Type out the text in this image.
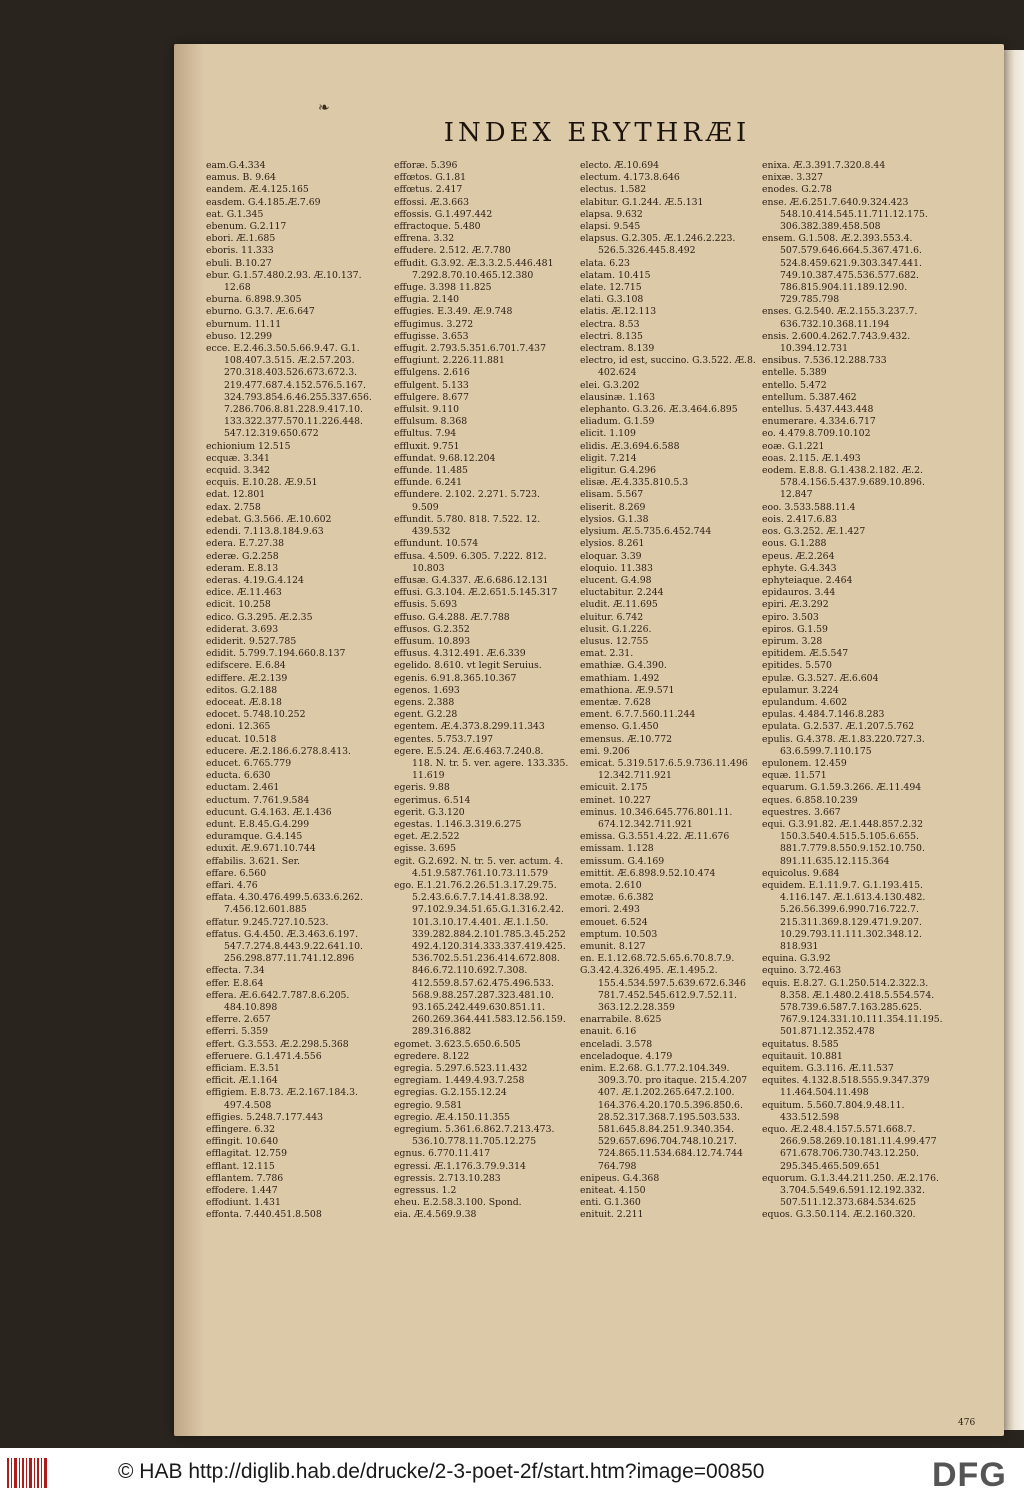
❧
INDEX ERYTHRÆI
eam.G.4.334
eamus. B. 9.64
eandem. Æ.4.125.165
easdem. G.4.185.Æ.7.69
eat. G.1.345
ebenum. G.2.117
ebori. Æ.1.685
eboris. 11.333
ebuli. B.10.27
ebur. G.1.57.480.2.93. Æ.10.137.
12.68
eburna. 6.898.9.305
eburno. G.3.7. Æ.6.647
eburnum. 11.11
ebuso. 12.299
ecce. E.2.46.3.50.5.66.9.47. G.1.
108.407.3.515. Æ.2.57.203.
270.318.403.526.673.672.3.
219.477.687.4.152.576.5.167.
324.793.854.6.46.255.337.656.
7.286.706.8.81.228.9.417.10.
133.322.377.570.11.226.448.
547.12.319.650.672
echionium 12.515
ecquæ. 3.341
ecquid. 3.342
ecquis. E.10.28. Æ.9.51
edat. 12.801
edax. 2.758
edebat. G.3.566. Æ.10.602
edendi. 7.113.8.184.9.63
edera. E.7.27.38
ederæ. G.2.258
ederam. E.8.13
ederas. 4.19.G.4.124
edice. Æ.11.463
edicit. 10.258
edico. G.3.295. Æ.2.35
ediderat. 3.693
ediderit. 9.527.785
edidit. 5.799.7.194.660.8.137
edifscere. E.6.84
ediffere. Æ.2.139
editos. G.2.188
edoceat. Æ.8.18
edocet. 5.748.10.252
edoni. 12.365
educat. 10.518
educere. Æ.2.186.6.278.8.413.
educet. 6.765.779
educta. 6.630
eductam. 2.461
eductum. 7.761.9.584
educunt. G.4.163. Æ.1.436
edunt. E.8.45.G.4.299
eduramque. G.4.145
eduxit. Æ.9.671.10.744
effabilis. 3.621. Ser.
effare. 6.560
effari. 4.76
effata. 4.30.476.499.5.633.6.262.
7.456.12.601.885
effatur. 9.245.727.10.523.
effatus. G.4.450. Æ.3.463.6.197.
547.7.274.8.443.9.22.641.10.
256.298.877.11.741.12.896
effecta. 7.34
effer. E.8.64
effera. Æ.6.642.7.787.8.6.205.
484.10.898
efferre. 2.657
efferri. 5.359
effert. G.3.553. Æ.2.298.5.368
efferuere. G.1.471.4.556
efficiam. E.3.51
efficit. Æ.1.164
effigiem. E.8.73. Æ.2.167.184.3.
497.4.508
effigies. 5.248.7.177.443
effingere. 6.32
effingit. 10.640
efflagitat. 12.759
efflant. 12.115
efflantem. 7.786
effodere. 1.447
effodiunt. 1.431
effonta. 7.440.451.8.508
efforæ. 5.396
effœtos. G.1.81
effœtus. 2.417
effossi. Æ.3.663
effossis. G.1.497.442
effractoque. 5.480
effrena. 3.32
effudere. 2.512. Æ.7.780
effudit. G.3.92. Æ.3.3.2.5.446.481
7.292.8.70.10.465.12.380
effuge. 3.398 11.825
effugia. 2.140
effugies. E.3.49. Æ.9.748
effugimus. 3.272
effugisse. 3.653
effugit. 2.793.5.351.6.701.7.437
effugiunt. 2.226.11.881
effulgens. 2.616
effulgent. 5.133
effulgere. 8.677
effulsit. 9.110
effulsum. 8.368
effultus. 7.94
effluxit. 9.751
effundat. 9.68.12.204
effunde. 11.485
effunde. 6.241
effundere. 2.102. 2.271. 5.723.
9.509
effundit. 5.780. 818. 7.522. 12.
439.532
effundunt. 10.574
effusa. 4.509. 6.305. 7.222. 812.
10.803
effusæ. G.4.337. Æ.6.686.12.131
effusi. G.3.104. Æ.2.651.5.145.317
effusis. 5.693
effuso. G.4.288. Æ.7.788
effusos. G.2.352
effusum. 10.893
effusus. 4.312.491. Æ.6.339
egelido. 8.610. vt legit Seruius.
egenis. 6.91.8.365.10.367
egenos. 1.693
egens. 2.388
egent. G.2.28
egentem. Æ.4.373.8.299.11.343
egentes. 5.753.7.197
egere. E.5.24. Æ.6.463.7.240.8.
118. N. tr. 5. ver. agere. 133.335.
11.619
egeris. 9.88
egerimus. 6.514
egerit. G.3.120
egestas. 1.146.3.319.6.275
eget. Æ.2.522
egisse. 3.695
egit. G.2.692. N. tr. 5. ver. actum. 4.
4.51.9.587.761.10.73.11.579
ego. E.1.21.76.2.26.51.3.17.29.75.
5.2.43.6.6.7.7.14.41.8.38.92.
97.102.9.34.51.65.G.1.316.2.42.
101.3.10.17.4.401. Æ.1.1.50.
339.282.884.2.101.785.3.45.252
492.4.120.314.333.337.419.425.
536.702.5.51.236.414.672.808.
846.6.72.110.692.7.308.
412.559.8.57.62.475.496.533.
568.9.88.257.287.323.481.10.
93.165.242.449.630.851.11.
260.269.364.441.583.12.56.159.
289.316.882
egomet. 3.623.5.650.6.505
egredere. 8.122
egregia. 5.297.6.523.11.432
egregiam. 1.449.4.93.7.258
egregias. G.2.155.12.24
egregio. 9.581
egregio. Æ.4.150.11.355
egregium. 5.361.6.862.7.213.473.
536.10.778.11.705.12.275
egnus. 6.770.11.417
egressi. Æ.1.176.3.79.9.314
egressis. 2.713.10.283
egressus. 1.2
eheu. E.2.58.3.100. Spond.
eia. Æ.4.569.9.38
electo. Æ.10.694
electum. 4.173.8.646
electus. 1.582
elabitur. G.1.244. Æ.5.131
elapsa. 9.632
elapsi. 9.545
elapsus. G.2.305. Æ.1.246.2.223.
526.5.326.445.8.492
elata. 6.23
elatam. 10.415
elate. 12.715
elati. G.3.108
elatis. Æ.12.113
electra. 8.53
electri. 8.135
electram. 8.139
electro, id est, succino. G.3.522. Æ.8.
402.624
elei. G.3.202
elausinæ. 1.163
elephanto. G.3.26. Æ.3.464.6.895
eliadum. G.1.59
elicit. 1.109
elidis. Æ.3.694.6.588
eligit. 7.214
eligitur. G.4.296
elisæ. Æ.4.335.810.5.3
elisam. 5.567
eliserit. 8.269
elysios. G.1.38
elysium. Æ.5.735.6.452.744
elysios. 8.261
eloquar. 3.39
eloquio. 11.383
elucent. G.4.98
eluctabitur. 2.244
eludit. Æ.11.695
eluitur. 6.742
elusit. G.1.226.
elusus. 12.755
emat. 2.31.
emathiæ. G.4.390.
emathiam. 1.492
emathiona. Æ.9.571
ementæ. 7.628
ement. 6.7.7.560.11.244
emenso. G.1.450
emensus. Æ.10.772
emi. 9.206
emicat. 5.319.517.6.5.9.736.11.496
12.342.711.921
emicuit. 2.175
eminet. 10.227
eminus. 10.346.645.776.801.11.
674.12.342.711.921
emissa. G.3.551.4.22. Æ.11.676
emissam. 1.128
emissum. G.4.169
emittit. Æ.6.898.9.52.10.474
emota. 2.610
emotæ. 6.6.382
emori. 2.493
emouet. 6.524
emptum. 10.503
emunit. 8.127
en. E.1.12.68.72.5.65.6.70.8.7.9.
G.3.42.4.326.495. Æ.1.495.2.
155.4.534.597.5.639.672.6.346
781.7.452.545.612.9.7.52.11.
363.12.2.28.359
enarrabile. 8.625
enauit. 6.16
enceladi. 3.578
enceladoque. 4.179
enim. E.2.68. G.1.77.2.104.349.
309.3.70. pro itaque. 215.4.207
407. Æ.1.202.265.647.2.100.
164.376.4.20.170.5.396.850.6.
28.52.317.368.7.195.503.533.
581.645.8.84.251.9.340.354.
529.657.696.704.748.10.217.
724.865.11.534.684.12.74.744
764.798
enipeus. G.4.368
eniteat. 4.150
enti. G.1.360
enituit. 2.211
enixa. Æ.3.391.7.320.8.44
enixæ. 3.327
enodes. G.2.78
ense. Æ.6.251.7.640.9.324.423
548.10.414.545.11.711.12.175.
306.382.389.458.508
ensem. G.1.508. Æ.2.393.553.4.
507.579.646.664.5.367.471.6.
524.8.459.621.9.303.347.441.
749.10.387.475.536.577.682.
786.815.904.11.189.12.90.
729.785.798
enses. G.2.540. Æ.2.155.3.237.7.
636.732.10.368.11.194
ensis. 2.600.4.262.7.743.9.432.
10.394.12.731
ensibus. 7.536.12.288.733
entelle. 5.389
entello. 5.472
entellum. 5.387.462
entellus. 5.437.443.448
enumerare. 4.334.6.717
eo. 4.479.8.709.10.102
eoæ. G.1.221
eoas. 2.115. Æ.1.493
eodem. E.8.8. G.1.438.2.182. Æ.2.
578.4.156.5.437.9.689.10.896.
12.847
eoo. 3.533.588.11.4
eois. 2.417.6.83
eos. G.3.252. Æ.1.427
eous. G.1.288
epeus. Æ.2.264
ephyte. G.4.343
ephyteiaque. 2.464
epidauros. 3.44
epiri. Æ.3.292
epiro. 3.503
epiros. G.1.59
epirum. 3.28
epitidem. Æ.5.547
epitides. 5.570
epulæ. G.3.527. Æ.6.604
epulamur. 3.224
epulandum. 4.602
epulas. 4.484.7.146.8.283
epulata. G.2.537. Æ.1.207.5.762
epulis. G.4.378. Æ.1.83.220.727.3.
63.6.599.7.110.175
epulonem. 12.459
equæ. 11.571
equarum. G.1.59.3.266. Æ.11.494
eques. 6.858.10.239
equestres. 3.667
equi. G.3.91.82. Æ.1.448.857.2.32
150.3.540.4.515.5.105.6.655.
881.7.779.8.550.9.152.10.750.
891.11.635.12.115.364
equicolus. 9.684
equidem. E.1.11.9.7. G.1.193.415.
4.116.147. Æ.1.613.4.130.482.
5.26.56.399.6.990.716.722.7.
215.311.369.8.129.471.9.207.
10.29.793.11.111.302.348.12.
818.931
equina. G.3.92
equino. 3.72.463
equis. E.8.27. G.1.250.514.2.322.3.
8.358. Æ.1.480.2.418.5.554.574.
578.739.6.587.7.163.285.625.
767.9.124.331.10.111.354.11.195.
501.871.12.352.478
equitatus. 8.585
equitauit. 10.881
equitem. G.3.116. Æ.11.537
equites. 4.132.8.518.555.9.347.379
11.464.504.11.498
equitum. 5.560.7.804.9.48.11.
433.512.598
equo. Æ.2.48.4.157.5.571.668.7.
266.9.58.269.10.181.11.4.99.477
671.678.706.730.743.12.250.
295.345.465.509.651
equorum. G.1.3.44.211.250. Æ.2.176.
3.704.5.549.6.591.12.192.332.
507.511.12.373.684.534.625
equos. G.3.50.114. Æ.2.160.320.
476
© HAB http://diglib.hab.de/drucke/2-3-poet-2f/start.htm?image=00850	DFG
